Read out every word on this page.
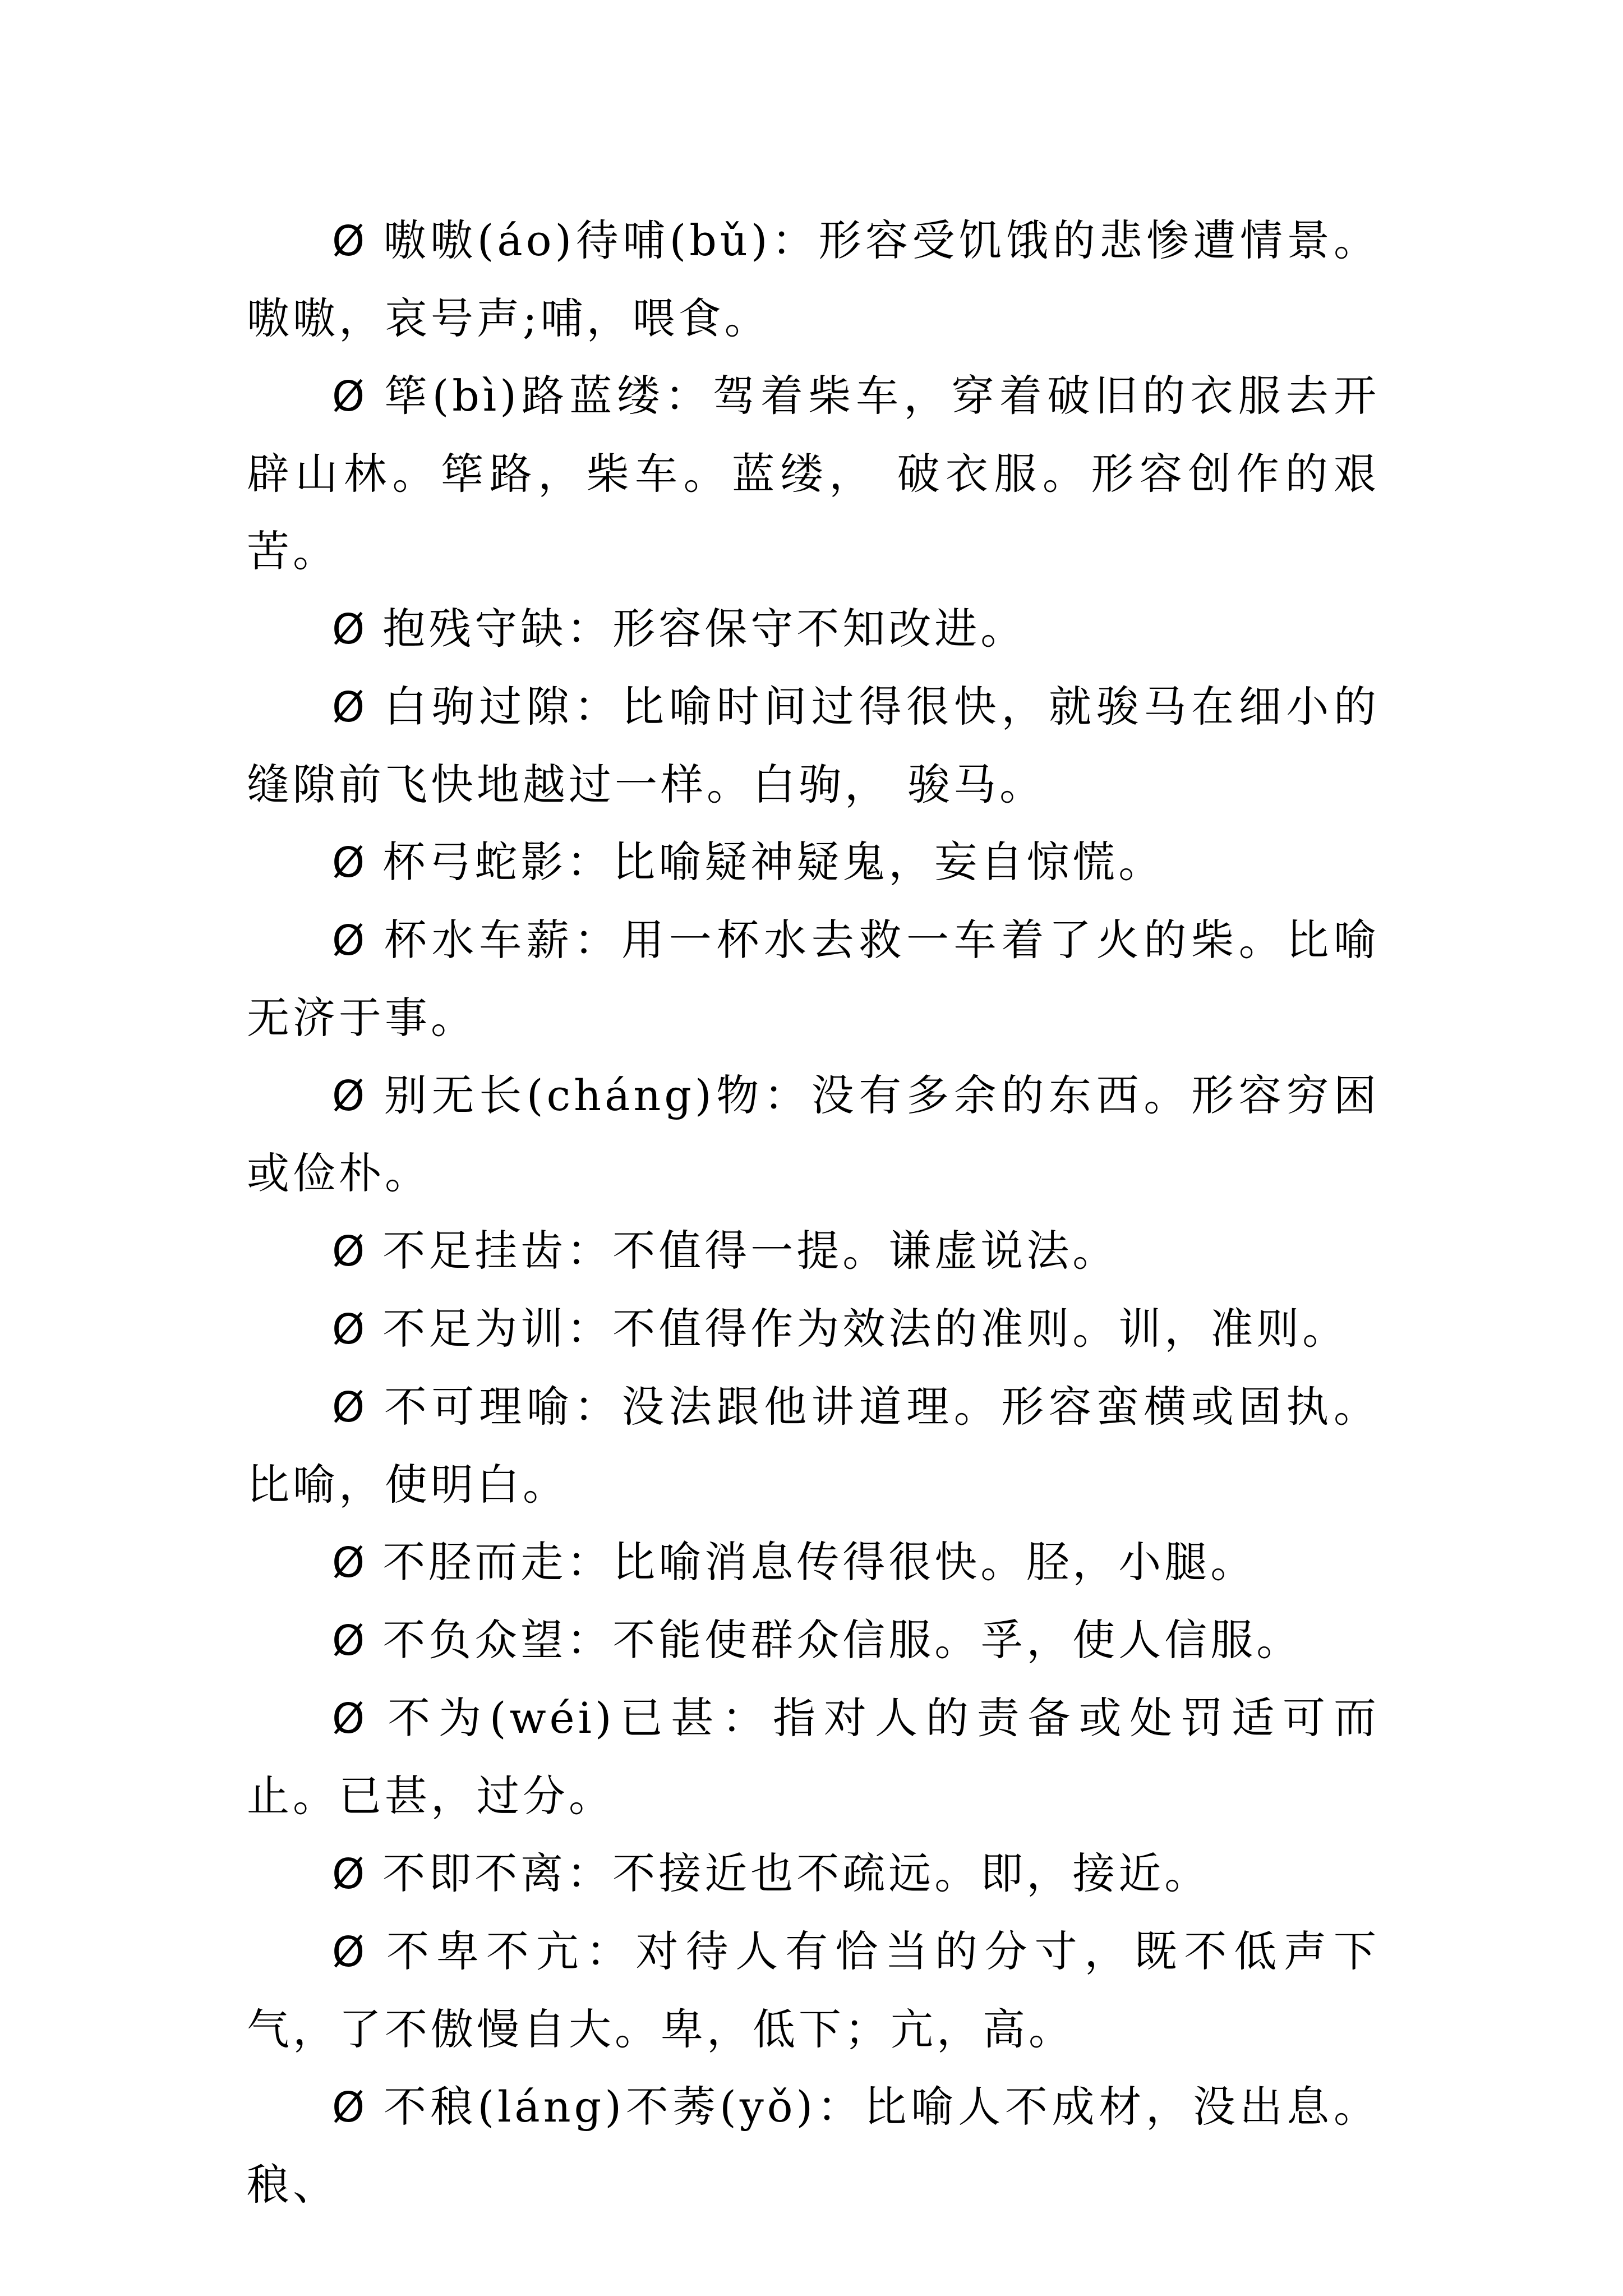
Ø 嗷嗷(áo)待哺(bǔ)：形容受饥饿的悲惨遭情景。嗷嗷，哀号声;哺，喂食。

Ø 筚(bì)路蓝缕：驾着柴车，穿着破旧的衣服去开辟山林。筚路，柴车。蓝缕， 破衣服。形容创作的艰苦。

Ø 抱残守缺：形容保守不知改进。

Ø 白驹过隙：比喻时间过得很快，就骏马在细小的缝隙前飞快地越过一样。白驹， 骏马。

Ø 杯弓蛇影：比喻疑神疑鬼，妄自惊慌。

Ø 杯水车薪：用一杯水去救一车着了火的柴。比喻无济于事。

Ø 别无长(cháng)物：没有多余的东西。形容穷困或俭朴。

Ø 不足挂齿：不值得一提。谦虚说法。

Ø 不足为训：不值得作为效法的准则。训，准则。

Ø 不可理喻：没法跟他讲道理。形容蛮横或固执。比喻，使明白。

Ø 不胫而走：比喻消息传得很快。胫，小腿。

Ø 不负众望：不能使群众信服。孚，使人信服。

Ø 不为(wéi)已甚：指对人的责备或处罚适可而止。已甚，过分。

Ø 不即不离：不接近也不疏远。即，接近。

Ø 不卑不亢：对待人有恰当的分寸，既不低声下气，了不傲慢自大。卑，低下；亢，高。

Ø 不稂(láng)不莠(yǒ)：比喻人不成材，没出息。稂、
